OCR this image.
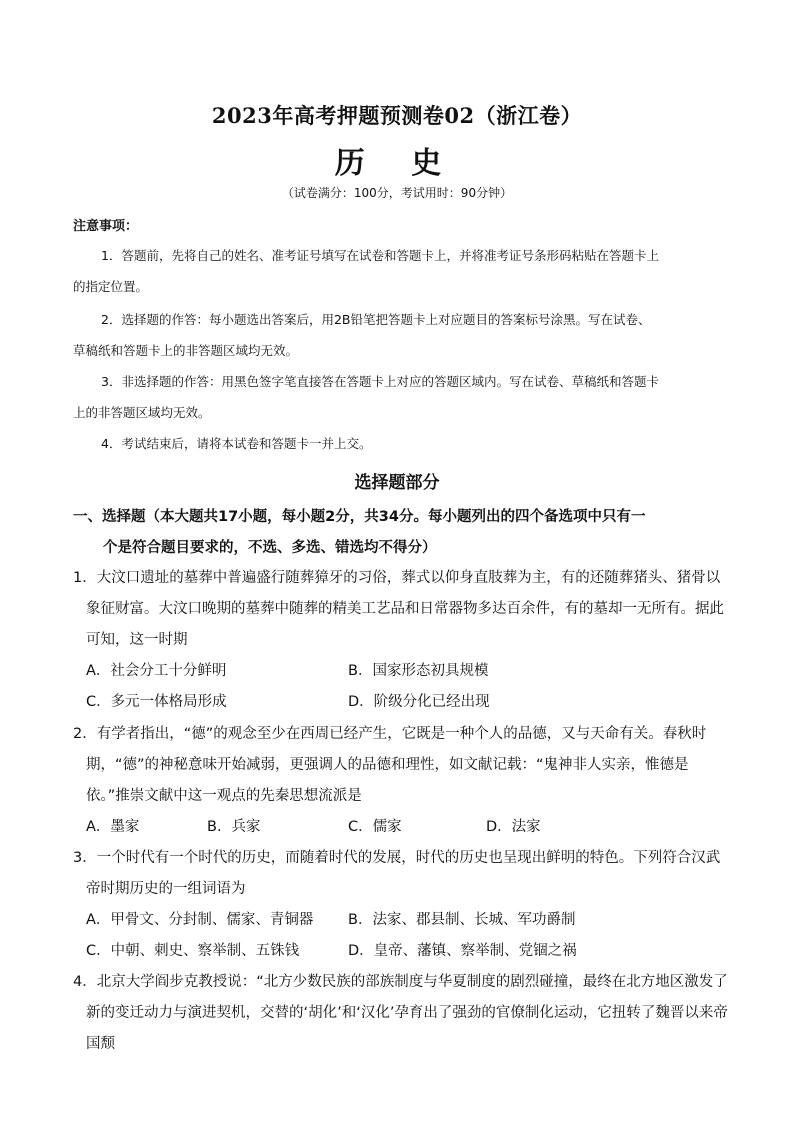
2023年高考押题预测卷02（浙江卷）
历 史
（试卷满分：100分，考试用时：90分钟）
注意事项：
1．答题前，先将自己的姓名、准考证号填写在试卷和答题卡上，并将准考证号条形码粘贴在答题卡上
的指定位置。
2．选择题的作答：每小题选出答案后，用2B铅笔把答题卡上对应题目的答案标号涂黑。写在试卷、
草稿纸和答题卡上的非答题区域均无效。
3．非选择题的作答：用黑色签字笔直接答在答题卡上对应的答题区域内。写在试卷、草稿纸和答题卡
上的非答题区域均无效。
4．考试结束后，请将本试卷和答题卡一并上交。
选择题部分
一、选择题（本大题共17小题，每小题2分，共34分。每小题列出的四个备选项中只有一
个是符合题目要求的，不选、多选、错选均不得分）
1．大汶口遗址的墓葬中普遍盛行随葬獐牙的习俗，葬式以仰身直肢葬为主，有的还随葬猪头、猪骨以象征财富。大汶口晚期的墓葬中随葬的精美工艺品和日常器物多达百余件，有的墓却一无所有。据此可知，这一时期
A．社会分工十分鲜明	B．国家形态初具规模
C．多元一体格局形成	D．阶级分化已经出现
2．有学者指出，“德”的观念至少在西周已经产生，它既是一种个人的品德，又与天命有关。春秋时期，“德”的神秘意味开始减弱，更强调人的品德和理性，如文献记载：“鬼神非人实亲，惟德是依。”推崇文献中这一观点的先秦思想流派是
A．墨家	B．兵家	C．儒家	D．法家
3．一个时代有一个时代的历史，而随着时代的发展，时代的历史也呈现出鲜明的特色。下列符合汉武帝时期历史的一组词语为
A．甲骨文、分封制、儒家、青铜器 B．法家、郡县制、长城、军功爵制
C．中朝、刺史、察举制、五铢钱	D．皇帝、藩镇、察举制、党锢之祸
4．北京大学阎步克教授说：“北方少数民族的部族制度与华夏制度的剧烈碰撞，最终在北方地区激发了新的变迁动力与演进契机，交替的‘胡化’和‘汉化’孕育出了强劲的官僚制化运动，它扭转了魏晋以来帝国颓
